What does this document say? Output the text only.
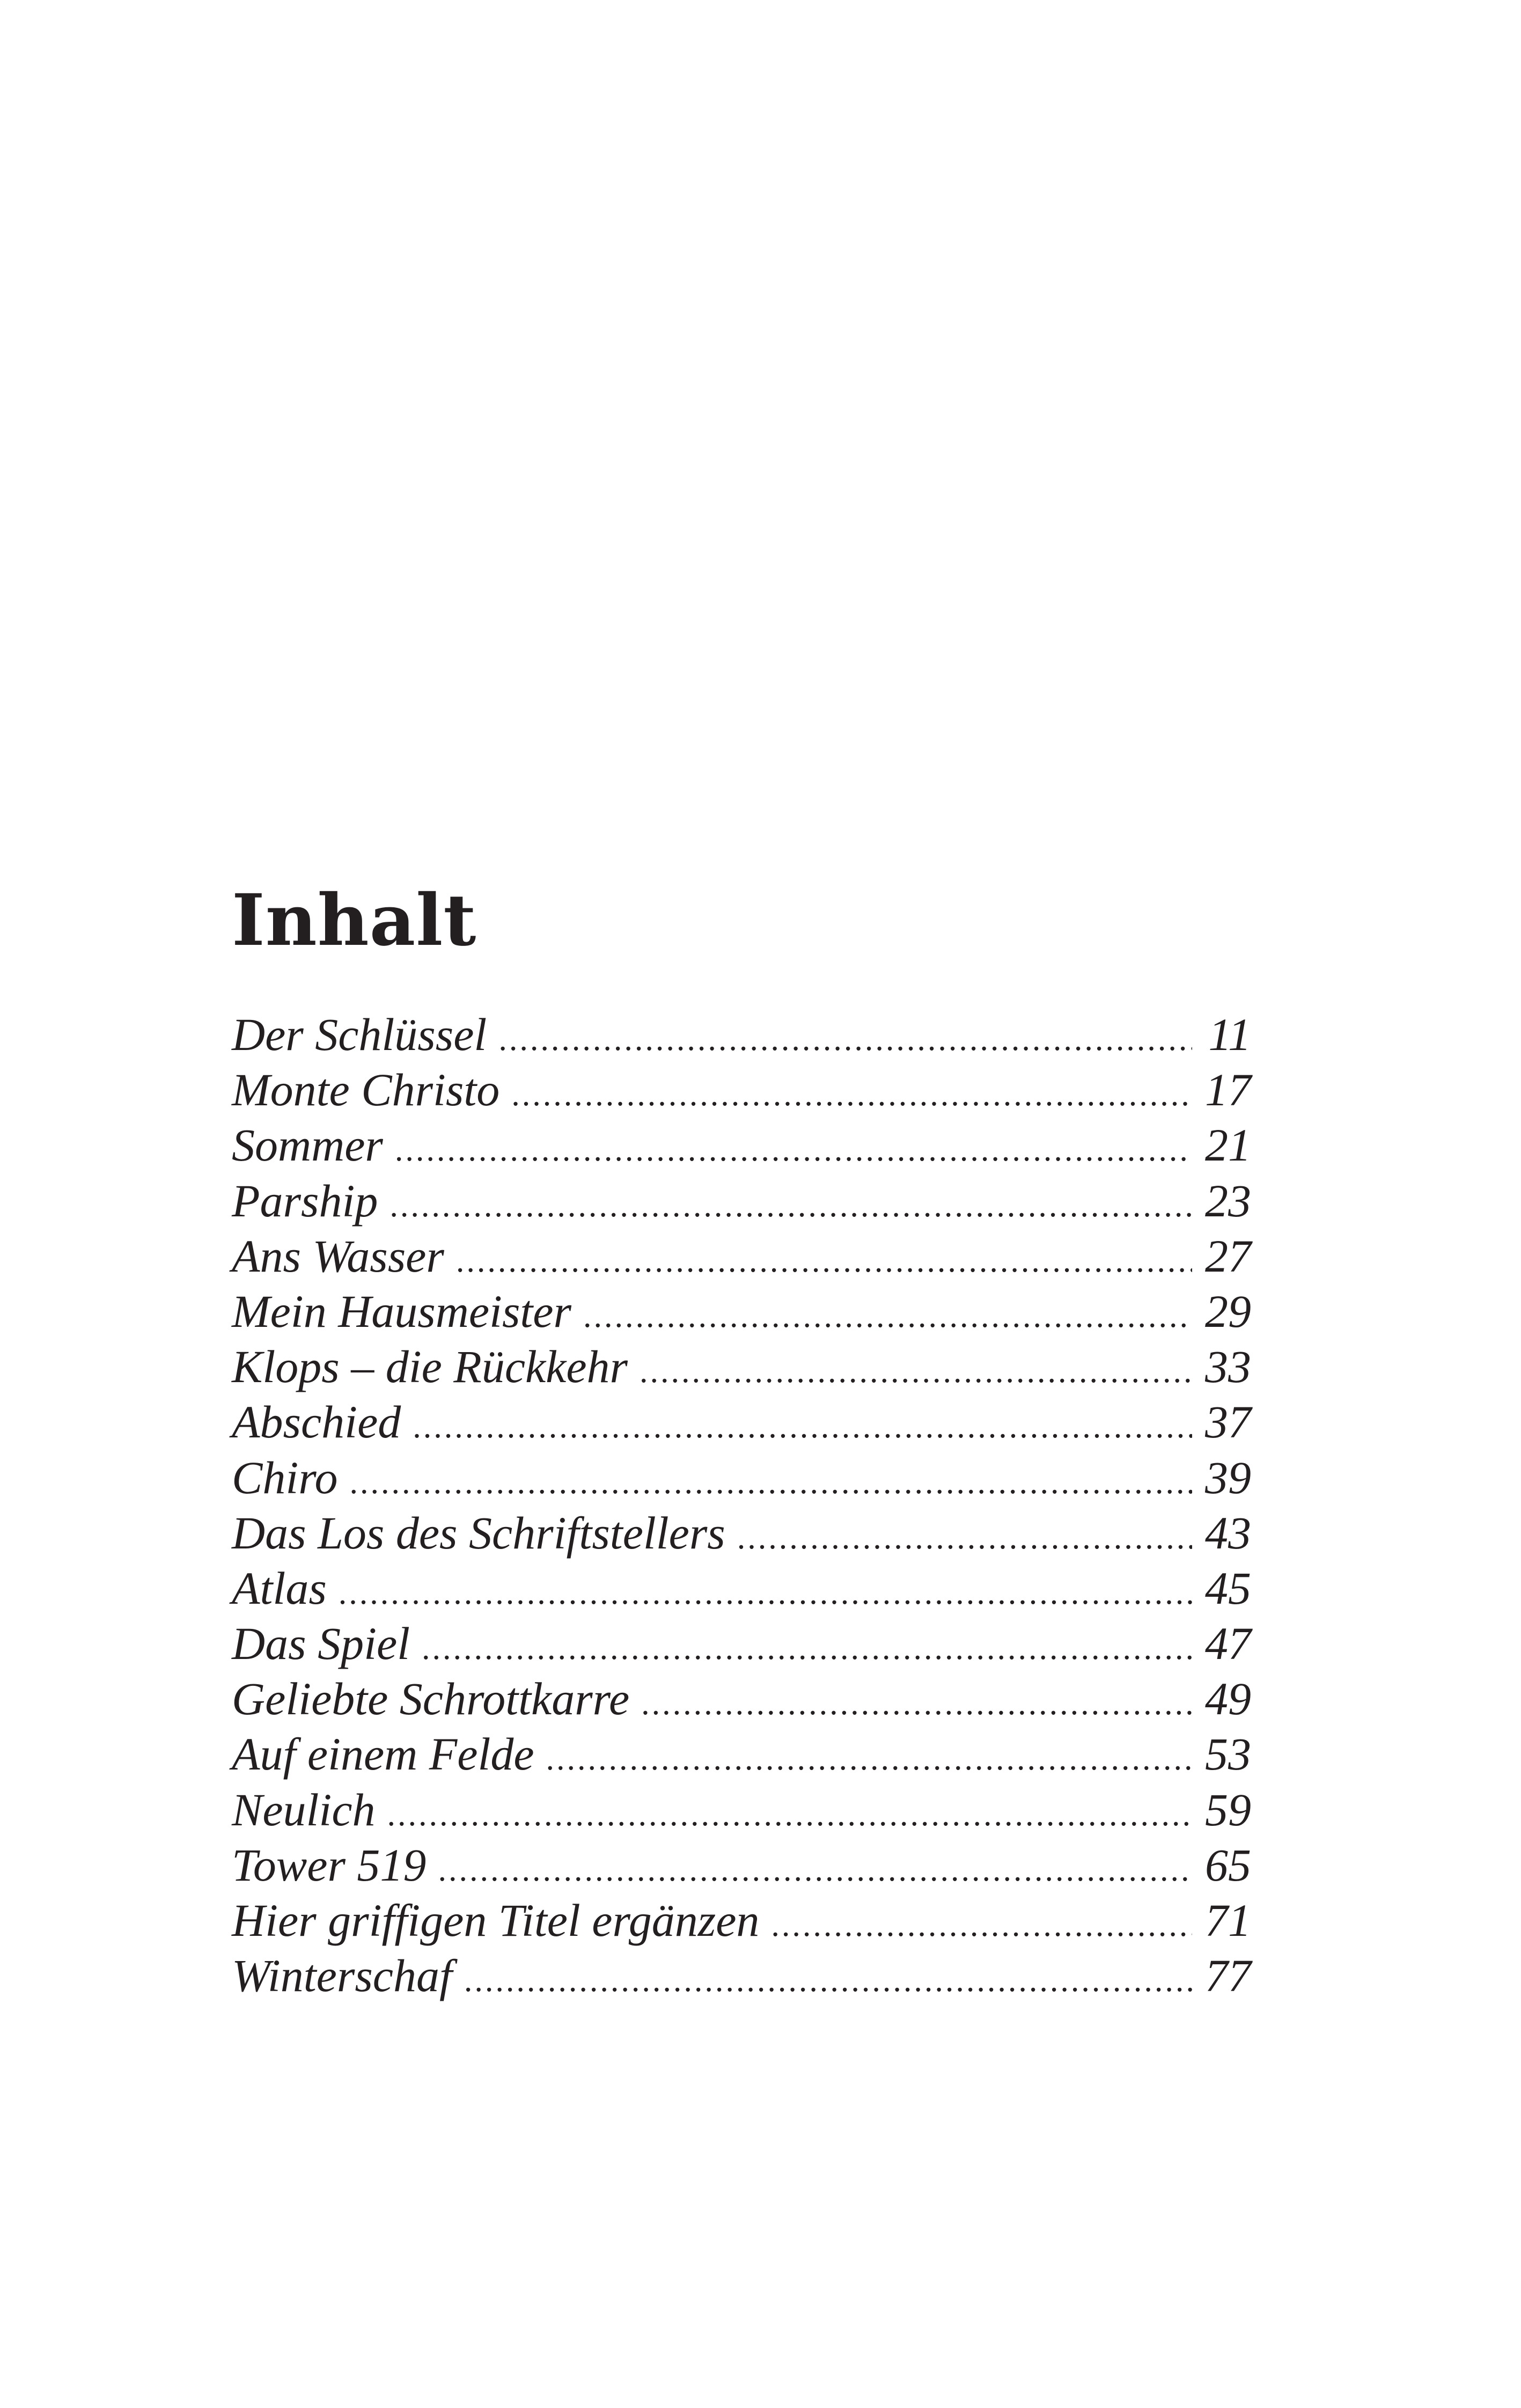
Inhalt
Der Schlüssel .....	11
Monte Christo .....	17
Sommer .....	21
Parship .....	23
Ans Wasser .....	27
Mein Hausmeister .....	29
Klops – die Rückkehr .....	33
Abschied .....	37
Chiro .....	39
Das Los des Schriftstellers .....	43
Atlas .....	45
Das Spiel .....	47
Geliebte Schrottkarre .....	49
Auf einem Felde .....	53
Neulich .....	59
Tower 519 .....	65
Hier griffigen Titel ergänzen .....	71
Winterschaf .....	77
